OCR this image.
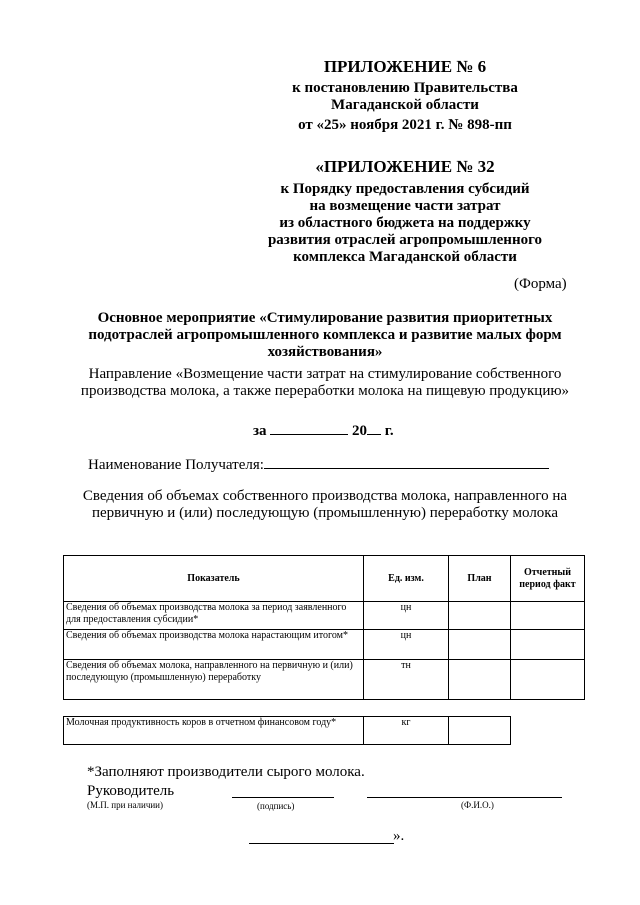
ПРИЛОЖЕНИЕ № 6
к постановлению Правительства
Магаданской области
от «25» ноября 2021 г. № 898-пп
«ПРИЛОЖЕНИЕ № 32
к Порядку предоставления субсидий
на возмещение части затрат
из областного бюджета на поддержку
развития отраслей агропромышленного
комплекса Магаданской области
(Форма)
Основное мероприятие «Стимулирование развития приоритетных подотраслей агропромышленного комплекса и развитие малых форм хозяйствования»
Направление «Возмещение части затрат на стимулирование собственного производства молока, а также переработки молока на пищевую продукцию»
за	20 г.
Наименование Получателя:
Сведения об объемах собственного производства молока, направленного на первичную и (или) последующую (промышленную) переработку молока
Показатель	Ед. изм.	План	Отчетный период факт
Сведения об объемах производства молока за период заявленного для предоставления субсидии*	цн		
Сведения об объемах производства молока нарастающим итогом*	цн		
Сведения об объемах молока, направленного на первичную и (или) последующую (промышленную) переработку	тн		
Молочная продуктивность коров в отчетном финансовом году*	кг	
*Заполняют производители сырого молока.
Руководитель
(М.П. при наличии)	(подпись)	(Ф.И.О.)
».
